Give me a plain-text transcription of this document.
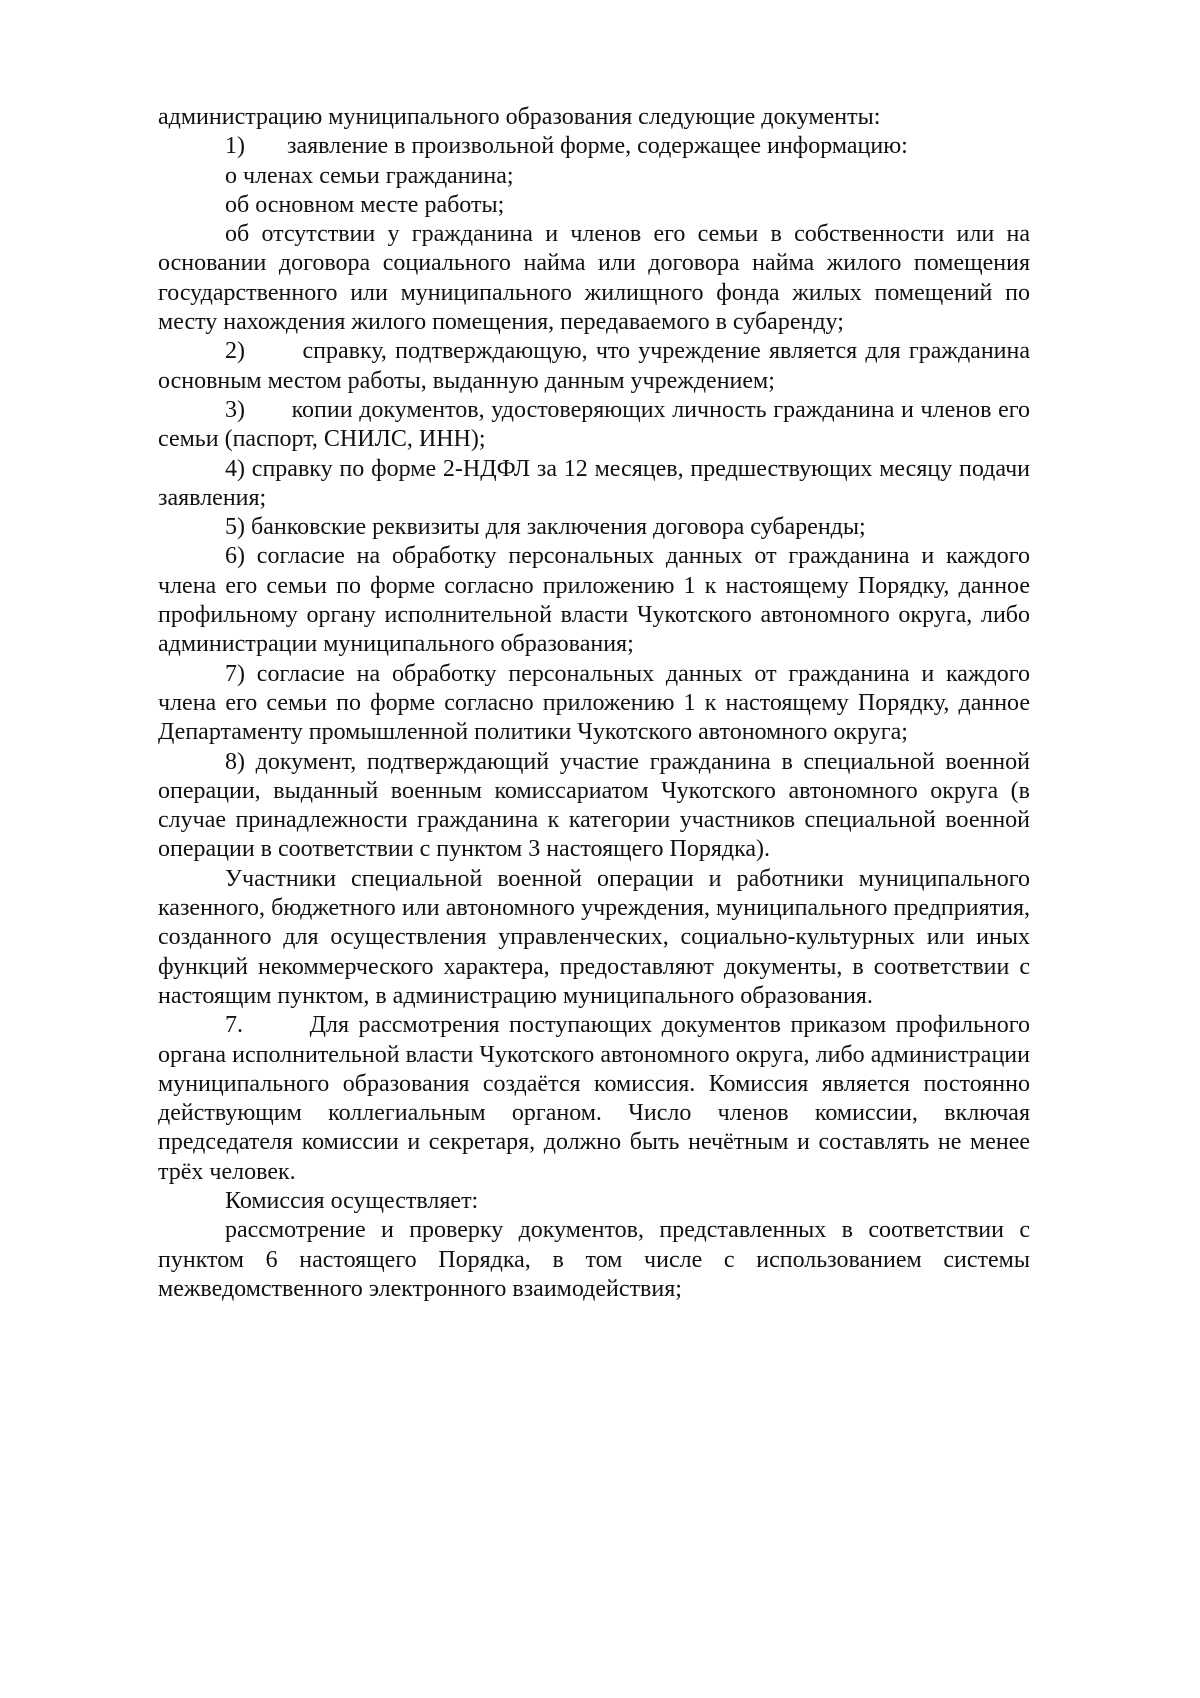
администрацию муниципального образования следующие документы:

1)       заявление в произвольной форме, содержащее информацию:

о членах семьи гражданина;

об основном месте работы;

об отсутствии у гражданина и членов его семьи в собственности или на основании договора социального найма или договора найма жилого помещения государственного или муниципального жилищного фонда жилых помещений по месту нахождения жилого помещения, передаваемого в субаренду;

2)       справку, подтверждающую, что учреждение является для гражданина основным местом работы, выданную данным учреждением;

3)       копии документов, удостоверяющих личность гражданина и членов его семьи (паспорт, СНИЛС, ИНН);

4) справку по форме 2-НДФЛ за 12 месяцев, предшествующих месяцу подачи заявления;

5) банковские реквизиты для заключения договора субаренды;

6) согласие на обработку персональных данных от гражданина и каждого члена его семьи по форме согласно приложению 1 к настоящему Порядку, данное профильному органу исполнительной власти Чукотского автономного округа, либо администрации муниципального образования;

7) согласие на обработку персональных данных от гражданина и каждого члена его семьи по форме согласно приложению 1 к настоящему Порядку, данное Департаменту промышленной политики Чукотского автономного округа;

8) документ, подтверждающий участие гражданина в специальной военной операции, выданный военным комиссариатом Чукотского автономного округа (в случае принадлежности гражданина к категории участников специальной военной операции в соответствии с пунктом 3 настоящего Порядка).

Участники специальной военной операции и работники муниципального казенного, бюджетного или автономного учреждения, муниципального предприятия, созданного для осуществления управленческих, социально-культурных или иных функций некоммерческого характера, предоставляют документы, в соответствии с настоящим пунктом, в администрацию муниципального образования.

7.       Для рассмотрения поступающих документов приказом профильного органа исполнительной власти Чукотского автономного округа, либо администрации муниципального образования создаётся комиссия. Комиссия является постоянно действующим коллегиальным органом. Число членов комиссии, включая председателя комиссии и секретаря, должно быть нечётным и составлять не менее трёх человек.

Комиссия осуществляет:

рассмотрение и проверку документов, представленных в соответствии с пунктом 6 настоящего Порядка, в том числе с использованием системы межведомственного электронного взаимодействия;
